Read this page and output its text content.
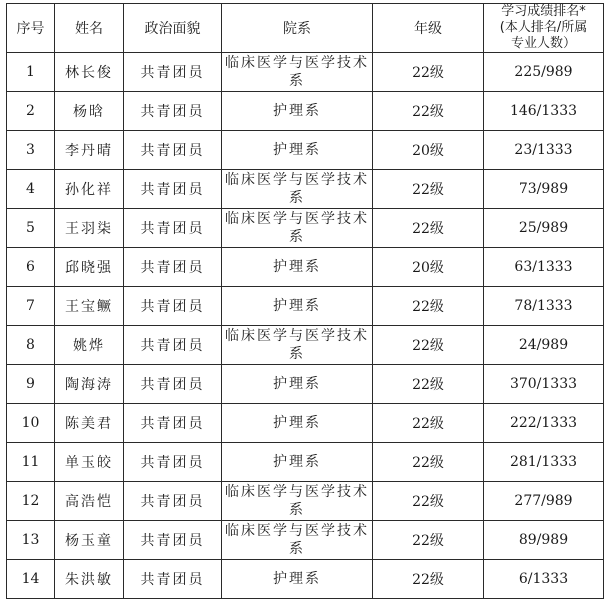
序号	姓名	政治面貌	院系	年级	学习成绩排名*
(本人排名/所属
专业人数）

1	林长俊	共青团员	临床医学与医学技术系	22级	225/989
2	杨晗	共青团员	护理系	22级	146/1333
3	李丹晴	共青团员	护理系	20级	23/1333
4	孙化祥	共青团员	临床医学与医学技术系	22级	73/989
5	王羽柒	共青团员	临床医学与医学技术系	22级	25/989
6	邱晓强	共青团员	护理系	20级	63/1333
7	王宝鳜	共青团员	护理系	22级	78/1333
8	姚烨	共青团员	临床医学与医学技术系	22级	24/989
9	陶海涛	共青团员	护理系	22级	370/1333
10	陈美君	共青团员	护理系	22级	222/1333
11	单玉皎	共青团员	护理系	22级	281/1333
12	高浩恺	共青团员	临床医学与医学技术系	22级	277/989
13	杨玉童	共青团员	临床医学与医学技术系	22级	89/989
14	朱洪敏	共青团员	护理系	22级	6/1333
